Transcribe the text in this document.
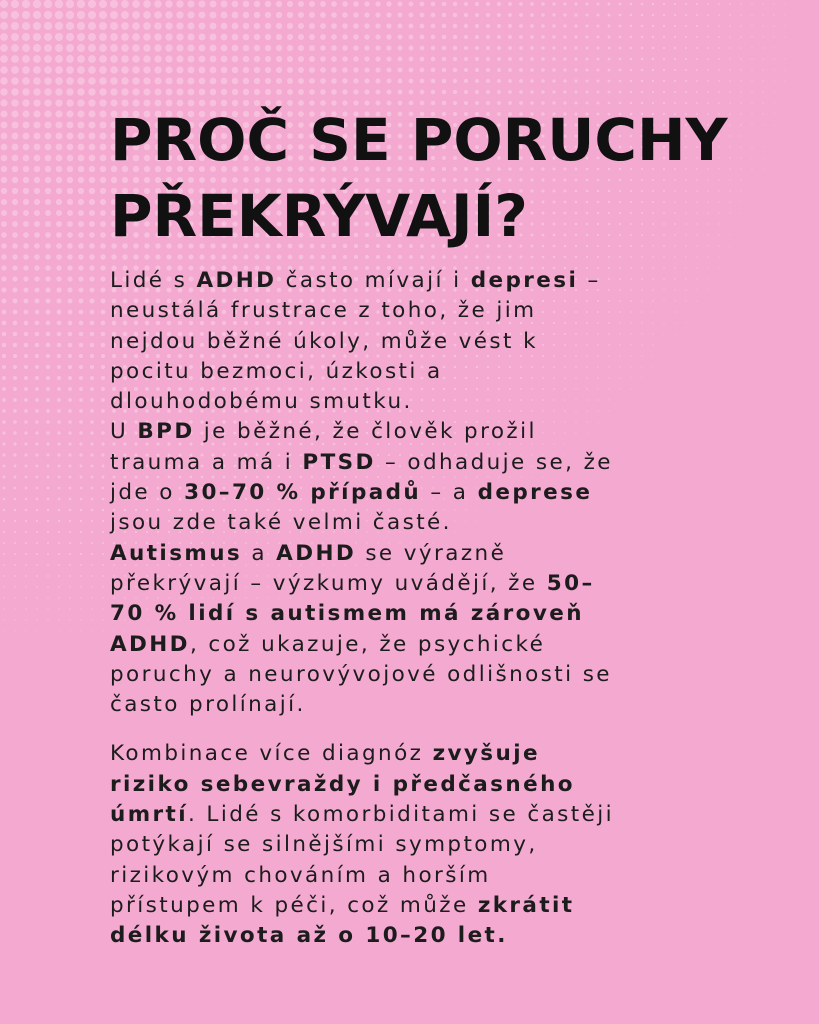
PROČ SE PORUCHY
PŘEKRÝVAJÍ?
Lidé s ADHD často mívají i depresi –
neustálá frustrace z toho, že jim
nejdou běžné úkoly, může vést k
pocitu bezmoci, úzkosti a
dlouhodobému smutku.
U BPD je běžné, že člověk prožil
trauma a má i PTSD – odhaduje se, že
jde o 30–70 % případů – a deprese
jsou zde také velmi časté.
Autismus a ADHD se výrazně
překrývají – výzkumy uvádějí, že 50–
70 % lidí s autismem má zároveň
ADHD, což ukazuje, že psychické
poruchy a neurovývojové odlišnosti se
často prolínají.
Kombinace více diagnóz zvyšuje
riziko sebevraždy i předčasného
úmrtí. Lidé s komorbiditami se častěji
potýkají se silnějšími symptomy,
rizikovým chováním a horším
přístupem k péči, což může zkrátit
délku života až o 10–20 let.
